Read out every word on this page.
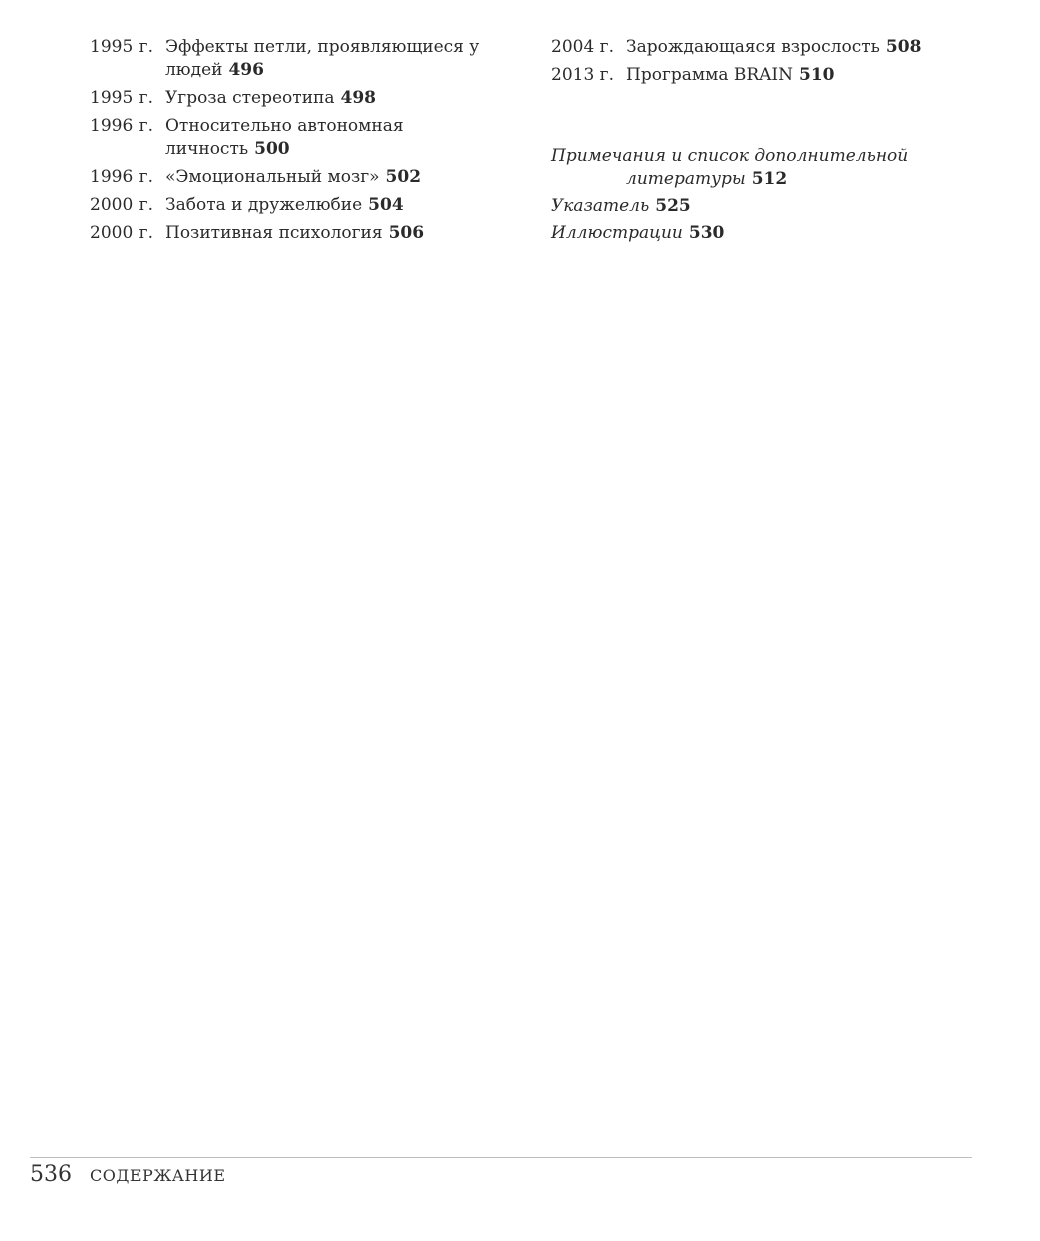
1995 г. Эффекты петли, проявляющиеся у людей 496
1995 г. Угроза стереотипа 498
1996 г. Относительно автономная личность 500
1996 г. «Эмоциональный мозг» 502
2000 г. Забота и дружелюбие 504
2000 г. Позитивная психология 506
2004 г. Зарождающаяся взрослость 508
2013 г. Программа BRAIN 510
Примечания и список дополнительной литературы 512
Указатель 525
Иллюстрации 530
536 СОДЕРЖАНИЕ
